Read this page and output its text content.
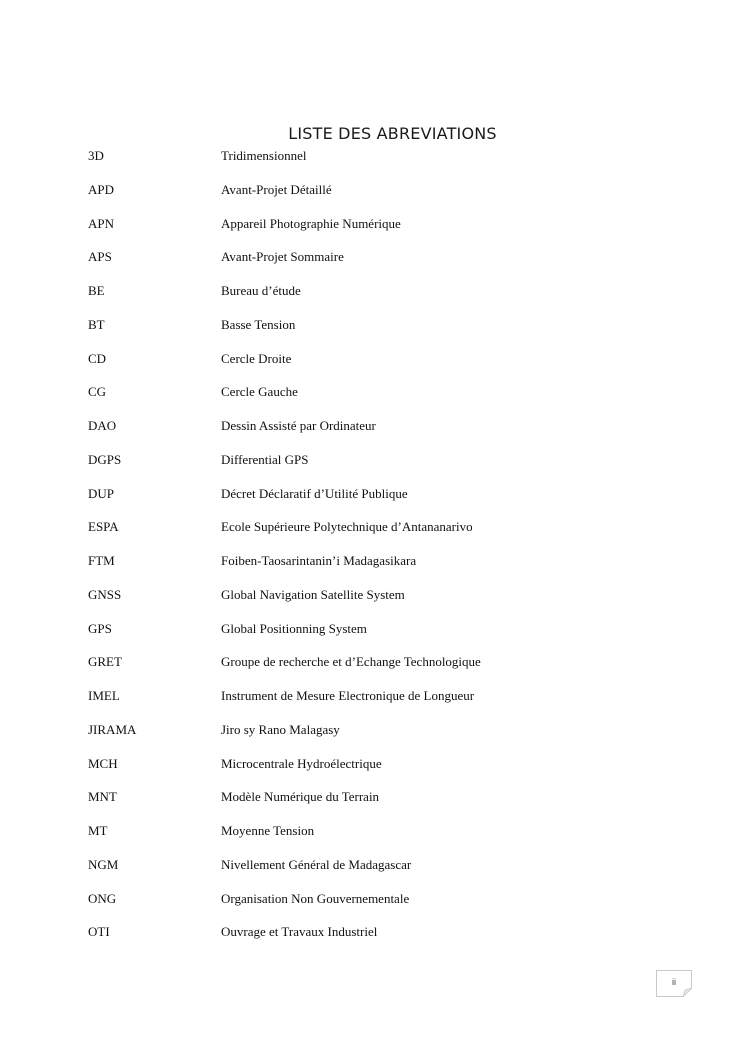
LISTE DES ABREVIATIONS
3D	Tridimensionnel
APD	Avant-Projet Détaillé
APN	Appareil Photographie Numérique
APS	Avant-Projet Sommaire
BE	Bureau d’étude
BT	Basse Tension
CD	Cercle Droite
CG	Cercle Gauche
DAO	Dessin Assisté par Ordinateur
DGPS	Differential GPS
DUP	Décret Déclaratif d’Utilité Publique
ESPA	Ecole Supérieure Polytechnique d’Antananarivo
FTM	Foiben-Taosarintanin’i Madagasikara
GNSS	Global Navigation Satellite System
GPS	Global Positionning System
GRET	Groupe de recherche et d’Echange Technologique
IMEL	Instrument de Mesure Electronique de Longueur
JIRAMA	Jiro sy Rano Malagasy
MCH	Microcentrale Hydroélectrique
MNT	Modèle Numérique du Terrain
MT	Moyenne Tension
NGM	Nivellement Général de Madagascar
ONG	Organisation Non Gouvernementale
OTI	Ouvrage et Travaux Industriel
ii
